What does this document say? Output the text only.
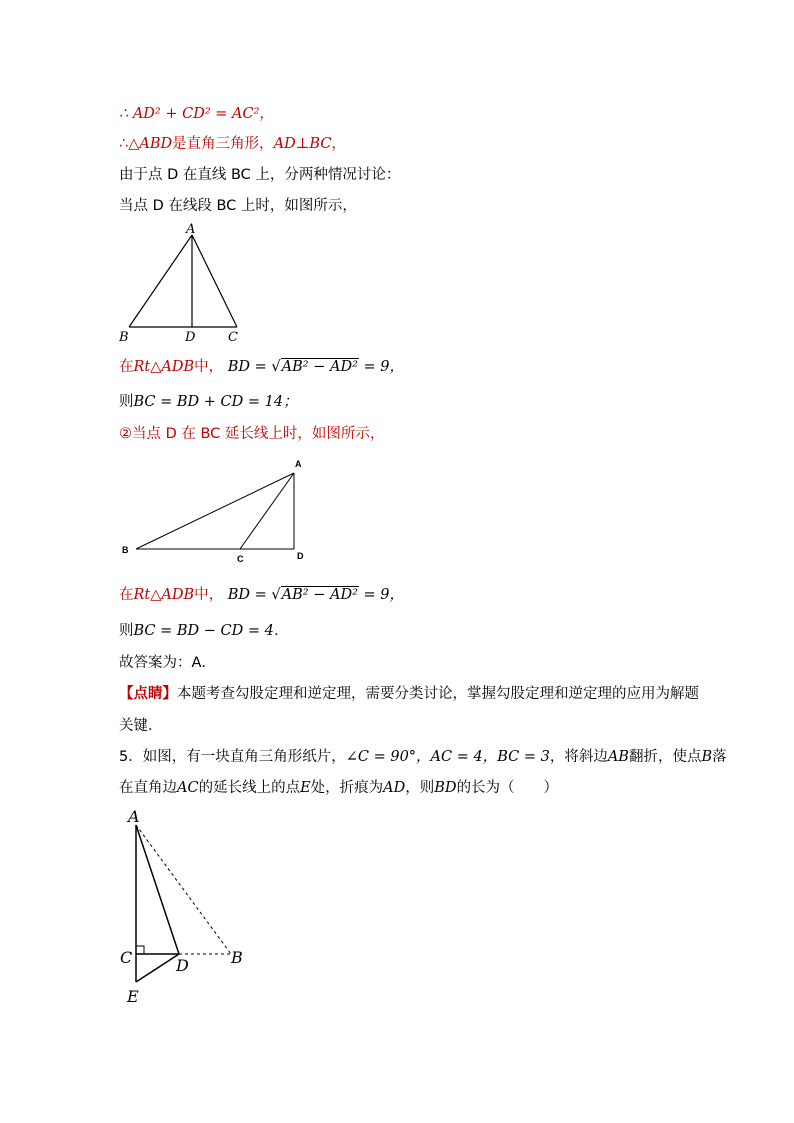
∴ AD² + CD² = AC²，
∴△ABD是直角三角形，AD⊥BC，
由于点 D 在直线 BC 上，分两种情况讨论：
当点 D 在线段 BC 上时，如图所示，
A
B	D	C
在Rt△ADB中， BD = √AB² − AD² = 9，
则BC = BD + CD = 14；
②当点 D 在 BC 延长线上时，如图所示，
A
B
C	D
在Rt△ADB中， BD = √AB² − AD² = 9，
则BC = BD − CD = 4．
故答案为：A．
【点睛】本题考查勾股定理和逆定理，需要分类讨论，掌握勾股定理和逆定理的应用为解题
关键．
5．如图，有一块直角三角形纸片，∠C = 90°，AC = 4，BC = 3，将斜边AB翻折，使点B落
在直角边AC的延长线上的点E处，折痕为AD，则BD的长为（　　）
A
C	D	B
E
